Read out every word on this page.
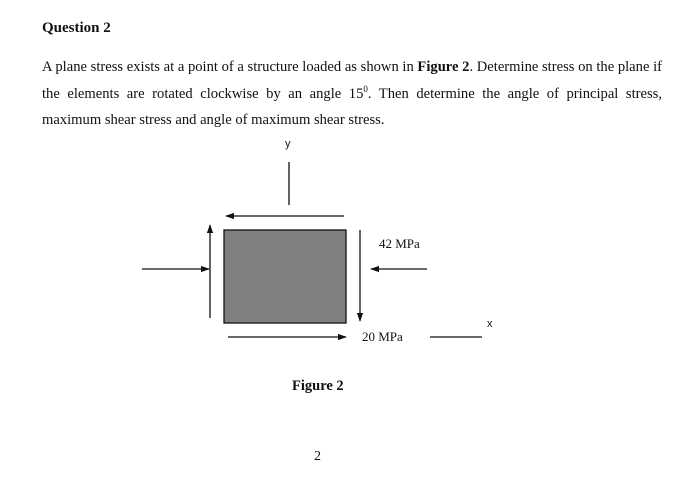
Question 2
A plane stress exists at a point of a structure loaded as shown in Figure 2. Determine stress on the plane if the elements are rotated clockwise by an angle $15^0$. Then determine the angle of principal stress, maximum shear stress and angle of maximum shear stress.
y
x
42 MPa
20 MPa
Figure 2
2
